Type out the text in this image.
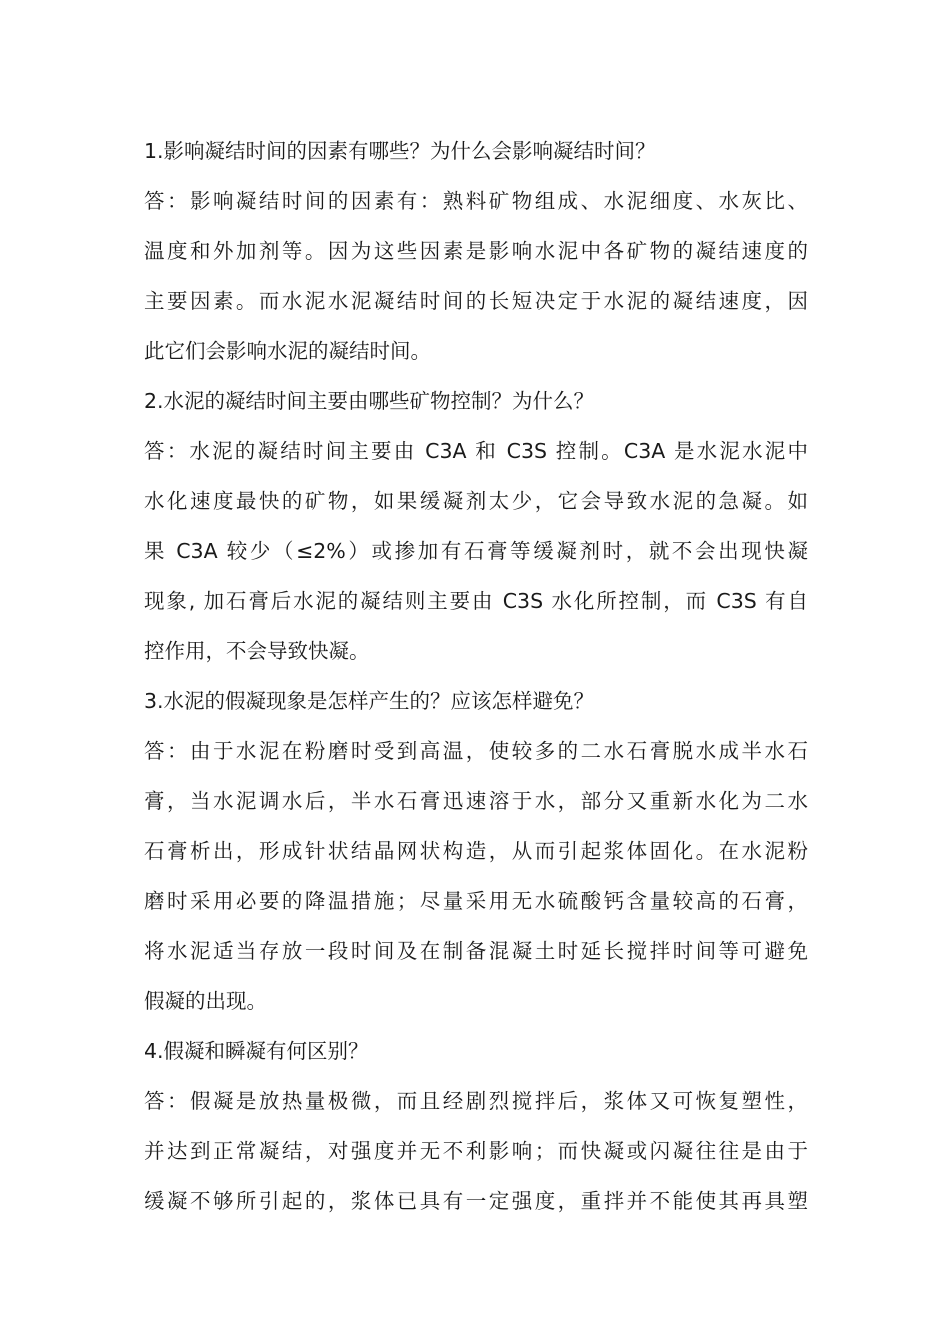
1.影响凝结时间的因素有哪些？为什么会影响凝结时间？
答：影响凝结时间的因素有：熟料矿物组成、水泥细度、水灰比、
温度和外加剂等。因为这些因素是影响水泥中各矿物的凝结速度的
主要因素。而水泥水泥凝结时间的长短决定于水泥的凝结速度，因
此它们会影响水泥的凝结时间。
2.水泥的凝结时间主要由哪些矿物控制？为什么？
答：水泥的凝结时间主要由 C3A 和 C3S 控制。C3A 是水泥水泥中
水化速度最快的矿物，如果缓凝剂太少，它会导致水泥的急凝。如
果 C3A 较少（≤2%）或掺加有石膏等缓凝剂时，就不会出现快凝
现象, 加石膏后水泥的凝结则主要由 C3S 水化所控制，而 C3S 有自
控作用，不会导致快凝。
3.水泥的假凝现象是怎样产生的？应该怎样避免？
答：由于水泥在粉磨时受到高温，使较多的二水石膏脱水成半水石
膏，当水泥调水后，半水石膏迅速溶于水，部分又重新水化为二水
石膏析出，形成针状结晶网状构造，从而引起浆体固化。在水泥粉
磨时采用必要的降温措施；尽量采用无水硫酸钙含量较高的石膏，
将水泥适当存放一段时间及在制备混凝土时延长搅拌时间等可避免
假凝的出现。
4.假凝和瞬凝有何区别？
答：假凝是放热量极微，而且经剧烈搅拌后，浆体又可恢复塑性，
并达到正常凝结，对强度并无不利影响；而快凝或闪凝往往是由于
缓凝不够所引起的，浆体已具有一定强度，重拌并不能使其再具塑
